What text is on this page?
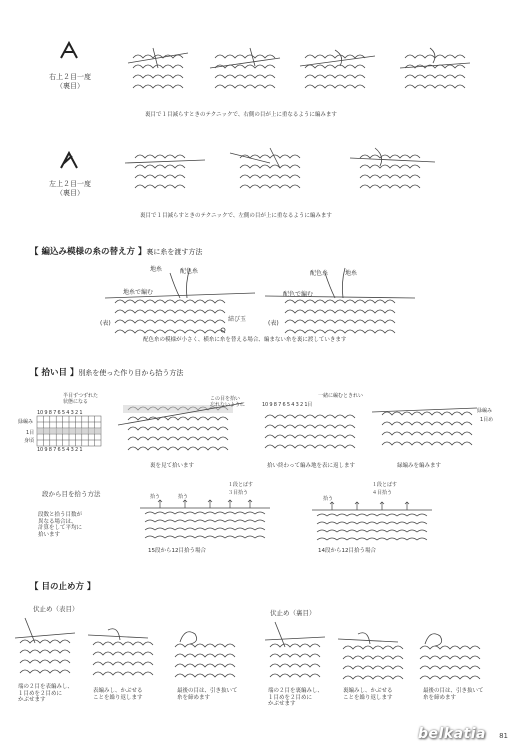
右上２目一度
（裏目）
裏目で１目減らすときのテクニックで、右側の目が上に重なるように編みます
左上２目一度
（裏目）
裏目で１目減らすときのテクニックで、左側の目が上に重なるように編みます
【 編込み模様の糸の替え方 】裏に糸を渡す方法
地糸	配色糸
地糸で編む
(表)
結び玉
配色糸	地糸
配色で編む
(表)
配色糸の模様が小さく、横糸に糸を替える場合、編まない糸を裏に渡していきます
【 拾い目 】別糸を使った作り目から拾う方法
半目ずつずれた
状態になる
10 9 8 7 6 5 4 3 2 1
緑編み
1目
身頃
10 9 8 7 6 5 4 3 2 1
この目を拾い
忘れないように
一緒に編むときれい
10 9 8 7 6 5 4 3 2 1目
緑編み
1目め
裏を見て拾います	拾い終わって編み地を表に返します	緑編みを編みます
段から目を拾う方法
段数と拾う目数が
異なる場合は、
計算をして平均に
拾います
拾う	拾う
１段とばす
３目拾う
15段から12目拾う場合
１段とばす
４目拾う
拾う
14段から12目拾う場合
【 目の止め方 】
伏止め（表目）	伏止め（裏目）
端の２目を表編みし、
１目めを２目めに
かぶせます
表編みし、かぶせる
ことを繰り返します
最後の目は、引き抜いて
糸を締めます
端の２目を裏編みし、
１目めを２目めに
かぶせます
裏編みし、かぶせる
ことを繰り返します
最後の目は、引き抜いて
糸を締めます
belkatia 81
